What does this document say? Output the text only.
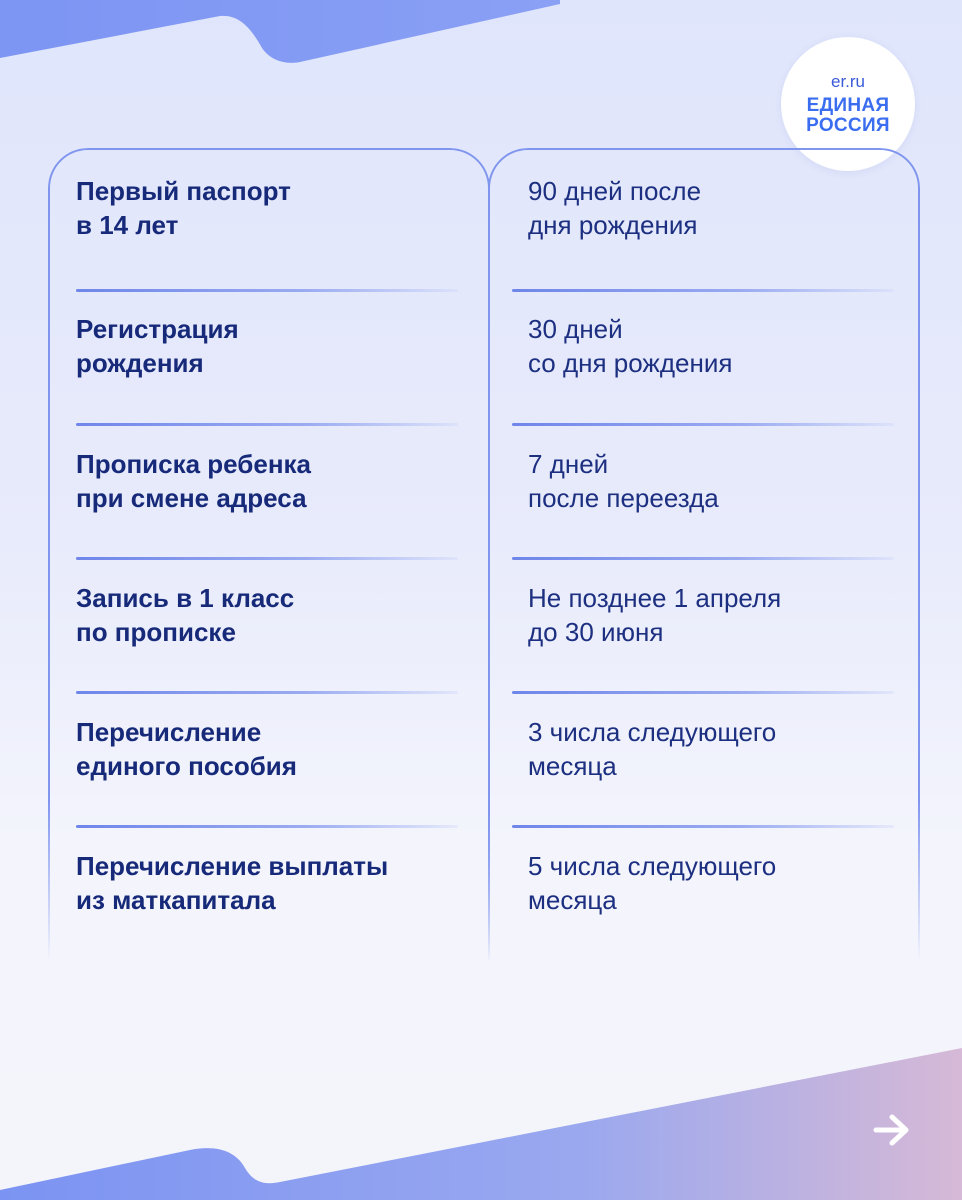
er.ru
ЕДИНАЯ
РОССИЯ
Первый паспорт
в 14 лет
90 дней после
дня рождения
Регистрация
рождения
30 дней
со дня рождения
Прописка ребенка
при смене адреса
7 дней
после переезда
Запись в 1 класс
по прописке
Не позднее 1 апреля
до 30 июня
Перечисление
единого пособия
3 числа следующего
месяца
Перечисление выплаты
из маткапитала
5 числа следующего
месяца
